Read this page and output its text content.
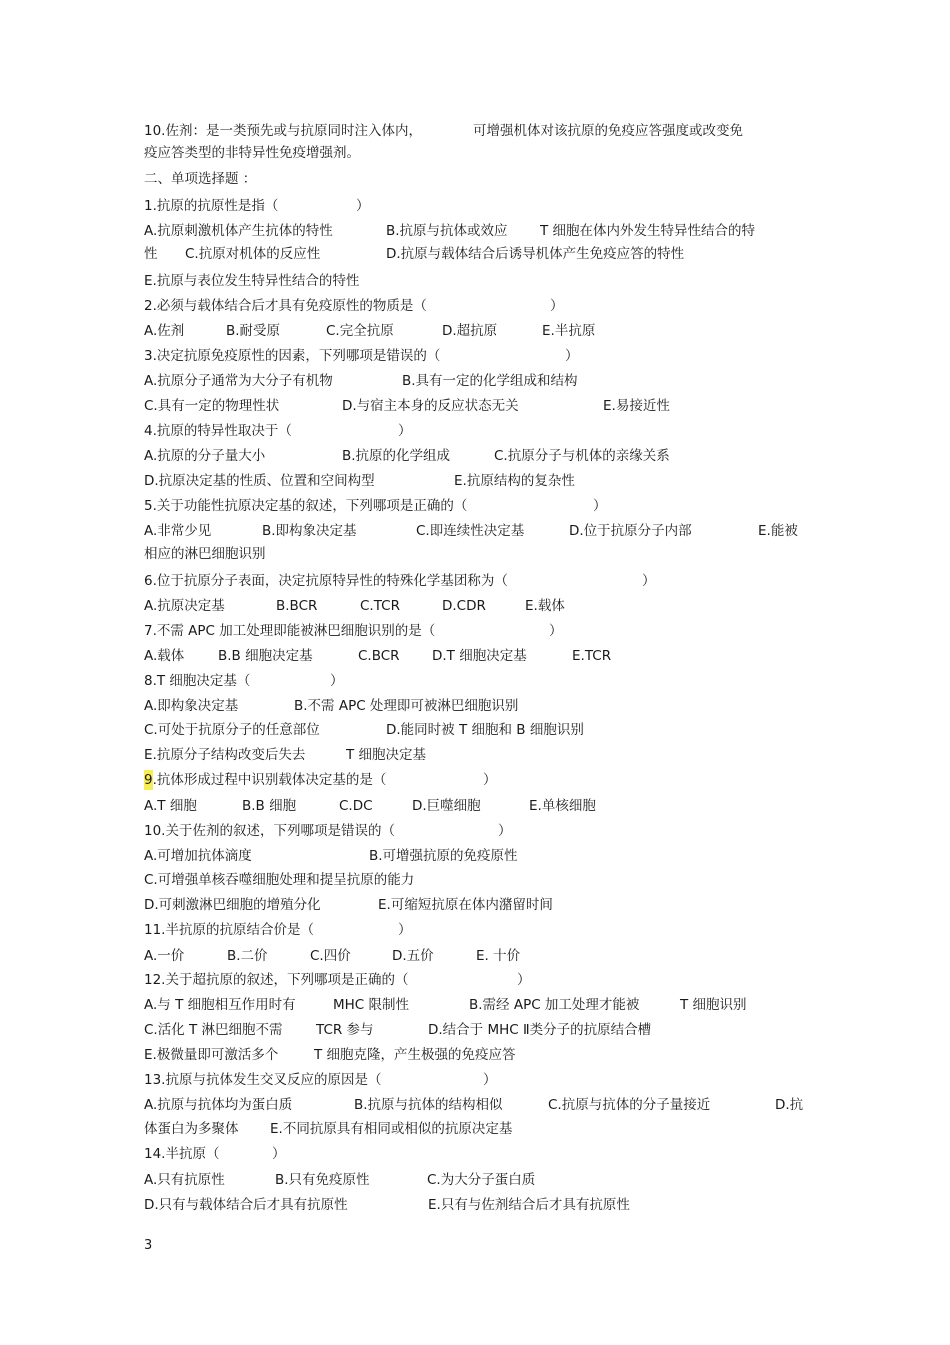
10.佐剂：是一类预先或与抗原同时注入体内，	可增强机体对该抗原的免疫应答强度或改变免
疫应答类型的非特异性免疫增强剂。
二、单项选择题 ：
1.抗原的抗原性是指（	）
A.抗原刺激机体产生抗体的特性	B.抗原与抗体或效应 T 细胞在体内外发生特异性结合的特
性 C.抗原对机体的反应性	D.抗原与载体结合后诱导机体产生免疫应答的特性
E.抗原与表位发生特异性结合的特性
2.必须与载体结合后才具有免疫原性的物质是（	）
A.佐剂	B.耐受原	C.完全抗原	D.超抗原	E.半抗原
3.决定抗原免疫原性的因素，下列哪项是错误的（	）
A.抗原分子通常为大分子有机物	B.具有一定的化学组成和结构
C.具有一定的物理性状	D.与宿主本身的反应状态无关	E.易接近性
4.抗原的特异性取决于（	）
A.抗原的分子量大小	B.抗原的化学组成	C.抗原分子与机体的亲缘关系
D.抗原决定基的性质、位置和空间构型	E.抗原结构的复杂性
5.关于功能性抗原决定基的叙述，下列哪项是正确的（	）
A.非常少见	B.即构象决定基	C.即连续性决定基	D.位于抗原分子内部	E.能被
相应的淋巴细胞识别
6.位于抗原分子表面，决定抗原特异性的特殊化学基团称为（	）
A.抗原决定基	B.BCR	C.TCR	D.CDR	E.载体
7.不需 APC 加工处理即能被淋巴细胞识别的是（	）
A.载体 B.B 细胞决定基	C.BCR D.T 细胞决定基	E.TCR
8.T 细胞决定基（	）
A.即构象决定基	B.不需 APC 处理即可被淋巴细胞识别
C.可处于抗原分子的任意部位	D.能同时被 T 细胞和 B 细胞识别
E.抗原分子结构改变后失去	T 细胞决定基
9.抗体形成过程中识别载体决定基的是（	）
A.T 细胞	B.B 细胞	C.DC	D.巨噬细胞	E.单核细胞
10.关于佐剂的叙述，下列哪项是错误的（	）
A.可增加抗体滴度	B.可增强抗原的免疫原性
C.可增强单核吞噬细胞处理和提呈抗原的能力
D.可刺激淋巴细胞的增殖分化	E.可缩短抗原在体内潴留时间
11.半抗原的抗原结合价是（	）
A.一价	B.二价	C.四价	D.五价	E. 十价
12.关于超抗原的叙述，下列哪项是正确的（	）
A.与 T 细胞相互作用时有	MHC 限制性	B.需经 APC 加工处理才能被	T 细胞识别
C.活化 T 淋巴细胞不需 TCR 参与	D.结合于 MHC Ⅱ类分子的抗原结合槽
E.极微量即可激活多个	T 细胞克隆，产生极强的免疫应答
13.抗原与抗体发生交叉反应的原因是（	）
A.抗原与抗体均为蛋白质	B.抗原与抗体的结构相似	C.抗原与抗体的分子量接近	D.抗
体蛋白为多聚体 E.不同抗原具有相同或相似的抗原决定基
14.半抗原（	）
A.只有抗原性	B.只有免疫原性	C.为大分子蛋白质
D.只有与载体结合后才具有抗原性	E.只有与佐剂结合后才具有抗原性
3
